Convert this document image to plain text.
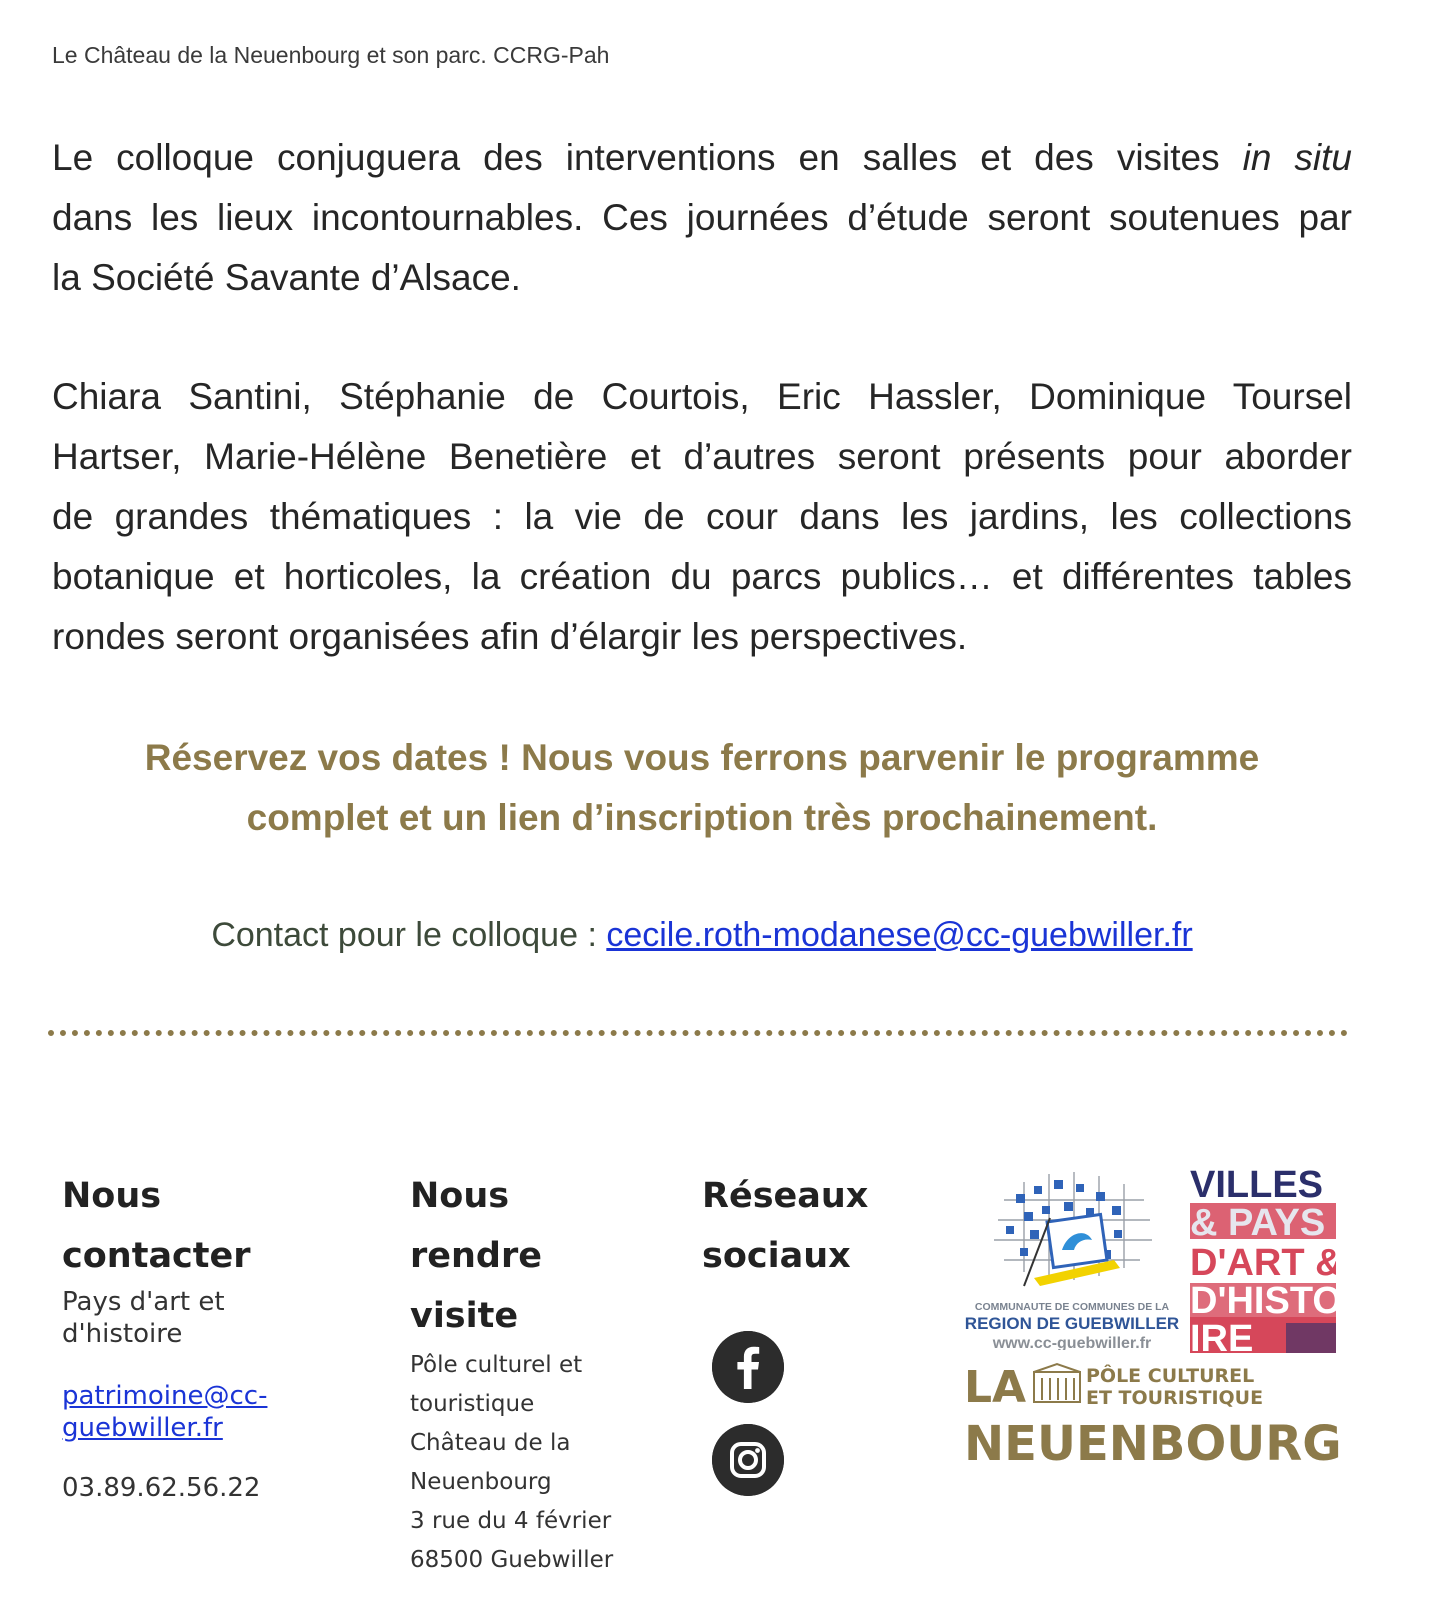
Le Château de la Neuenbourg et son parc. CCRG-Pah
Le colloque conjuguera des interventions en salles et des visites in situ
dans les lieux incontournables. Ces journées d’étude seront soutenues par
la Société Savante d’Alsace.
Chiara Santini, Stéphanie de Courtois, Eric Hassler, Dominique Toursel
Hartser, Marie-Hélène Benetière et d’autres seront présents pour aborder
de grandes thématiques : la vie de cour dans les jardins, les collections
botanique et horticoles, la création du parcs publics… et différentes tables
rondes seront organisées afin d’élargir les perspectives.
Réservez vos dates ! Nous vous ferrons parvenir le programme
complet et un lien d’inscription très prochainement.
Contact pour le colloque : cecile.roth-modanese@cc-guebwiller.fr
Nous
contacter
Pays d'art et
d'histoire
patrimoine@cc-
guebwiller.fr
03.89.62.56.22
Nous
rendre
visite
Pôle culturel et
touristique
Château de la
Neuenbourg
3 rue du 4 février
68500 Guebwiller
Réseaux
sociaux
COMMUNAUTE DE COMMUNES DE LA
REGION DE GUEBWILLER
www.cc-guebwiller.fr
VILLES
& PAYS
D'ART &
D'HISTO
IRE
LA	PÔLE CULTUREL
ET TOURISTIQUE
NEUENBOURG
